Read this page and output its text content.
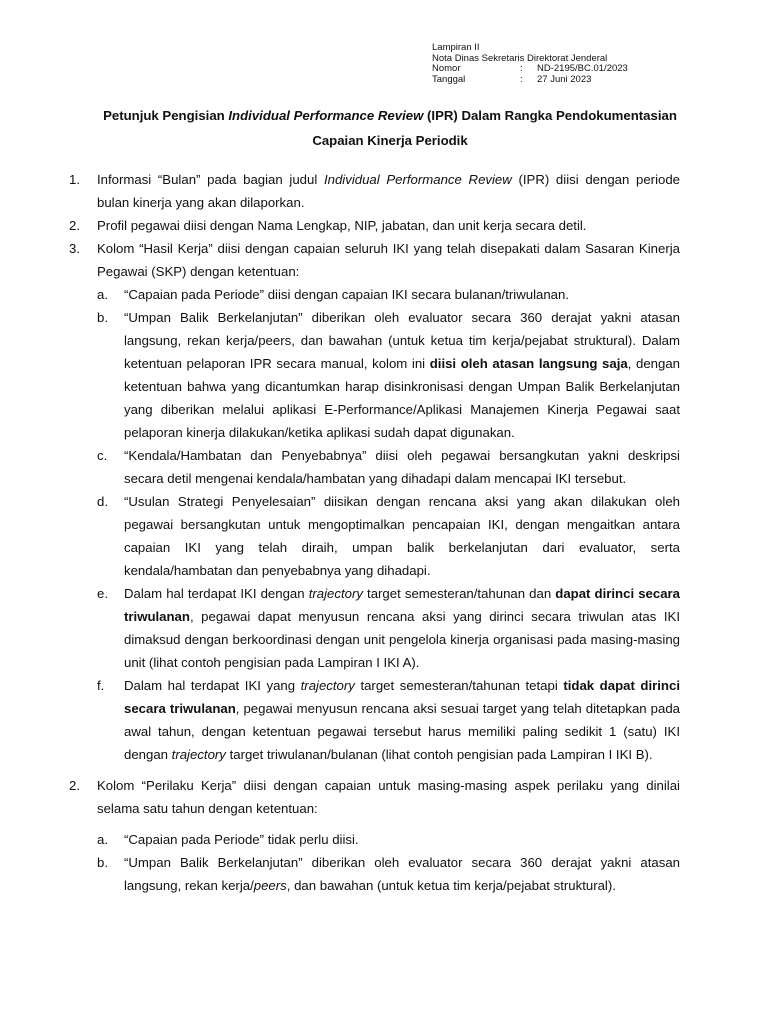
Lampiran II
Nota Dinas Sekretaris Direktorat Jenderal
Nomor	: ND-2195/BC.01/2023
Tanggal	: 27 Juni 2023
Petunjuk Pengisian Individual Performance Review (IPR) Dalam Rangka Pendokumentasian
Capaian Kinerja Periodik
1. Informasi “Bulan” pada bagian judul Individual Performance Review (IPR) diisi dengan periode bulan kinerja yang akan dilaporkan.
2. Profil pegawai diisi dengan Nama Lengkap, NIP, jabatan, dan unit kerja secara detil.
3. Kolom “Hasil Kerja” diisi dengan capaian seluruh IKI yang telah disepakati dalam Sasaran Kinerja Pegawai (SKP) dengan ketentuan:
a. “Capaian pada Periode” diisi dengan capaian IKI secara bulanan/triwulanan.
b. “Umpan Balik Berkelanjutan” diberikan oleh evaluator secara 360 derajat yakni atasan langsung, rekan kerja/peers, dan bawahan (untuk ketua tim kerja/pejabat struktural). Dalam ketentuan pelaporan IPR secara manual, kolom ini diisi oleh atasan langsung saja, dengan ketentuan bahwa yang dicantumkan harap disinkronisasi dengan Umpan Balik Berkelanjutan yang diberikan melalui aplikasi E-Performance/Aplikasi Manajemen Kinerja Pegawai saat pelaporan kinerja dilakukan/ketika aplikasi sudah dapat digunakan.
c. “Kendala/Hambatan dan Penyebabnya” diisi oleh pegawai bersangkutan yakni deskripsi secara detil mengenai kendala/hambatan yang dihadapi dalam mencapai IKI tersebut.
d. “Usulan Strategi Penyelesaian” diisikan dengan rencana aksi yang akan dilakukan oleh pegawai bersangkutan untuk mengoptimalkan pencapaian IKI, dengan mengaitkan antara capaian IKI yang telah diraih, umpan balik berkelanjutan dari evaluator, serta kendala/hambatan dan penyebabnya yang dihadapi.
e. Dalam hal terdapat IKI dengan trajectory target semesteran/tahunan dan dapat dirinci secara triwulanan, pegawai dapat menyusun rencana aksi yang dirinci secara triwulan atas IKI dimaksud dengan berkoordinasi dengan unit pengelola kinerja organisasi pada masing-masing unit (lihat contoh pengisian pada Lampiran I IKI A).
f. Dalam hal terdapat IKI yang trajectory target semesteran/tahunan tetapi tidak dapat dirinci secara triwulanan, pegawai menyusun rencana aksi sesuai target yang telah ditetapkan pada awal tahun, dengan ketentuan pegawai tersebut harus memiliki paling sedikit 1 (satu) IKI dengan trajectory target triwulanan/bulanan (lihat contoh pengisian pada Lampiran I IKI B).
2. Kolom “Perilaku Kerja” diisi dengan capaian untuk masing-masing aspek perilaku yang dinilai selama satu tahun dengan ketentuan:
a. “Capaian pada Periode” tidak perlu diisi.
b. “Umpan Balik Berkelanjutan” diberikan oleh evaluator secara 360 derajat yakni atasan langsung, rekan kerja/peers, dan bawahan (untuk ketua tim kerja/pejabat struktural).
